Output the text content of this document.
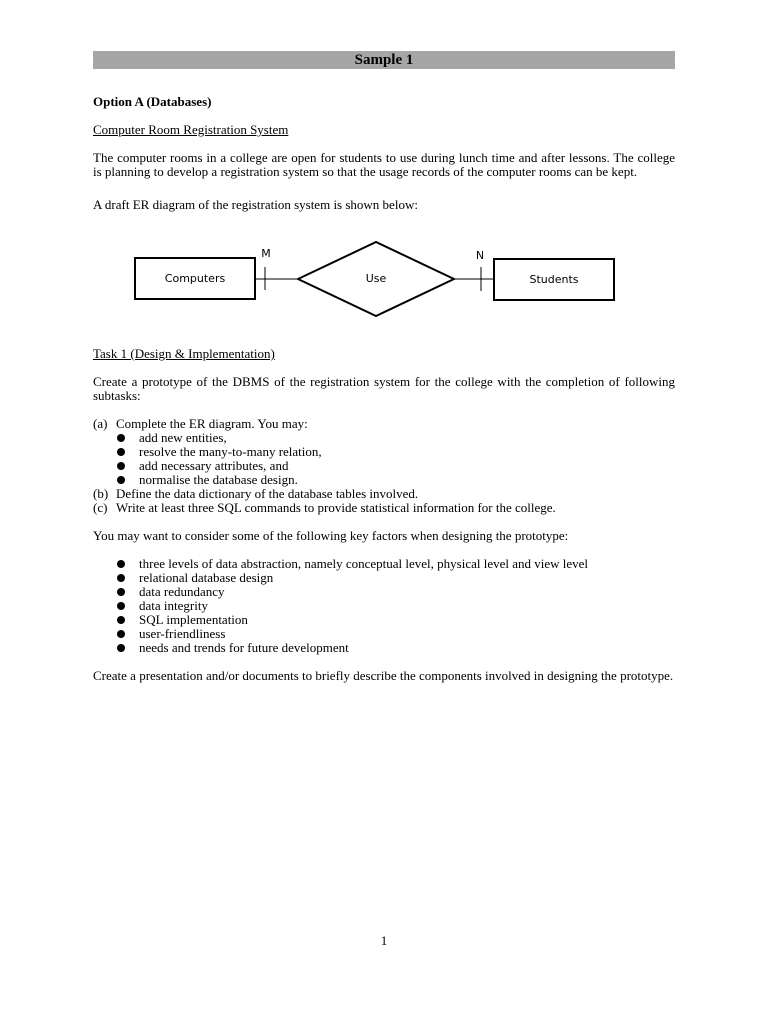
Sample 1
Option A (Databases)
Computer Room Registration System
The computer rooms in a college are open for students to use during lunch time and after lessons. The college is planning to develop a registration system so that the usage records of the computer rooms can be kept.
A draft ER diagram of the registration system is shown below:
Computers
M
Use
N
Students
Task 1 (Design & Implementation)
Create a prototype of the DBMS of the registration system for the college with the completion of following subtasks:
(a) Complete the ER diagram. You may:
add new entities,
resolve the many-to-many relation,
add necessary attributes, and
normalise the database design.
(b) Define the data dictionary of the database tables involved.
(c) Write at least three SQL commands to provide statistical information for the college.
You may want to consider some of the following key factors when designing the prototype:
three levels of data abstraction, namely conceptual level, physical level and view level
relational database design
data redundancy
data integrity
SQL implementation
user-friendliness
needs and trends for future development
Create a presentation and/or documents to briefly describe the components involved in designing the prototype.
1
